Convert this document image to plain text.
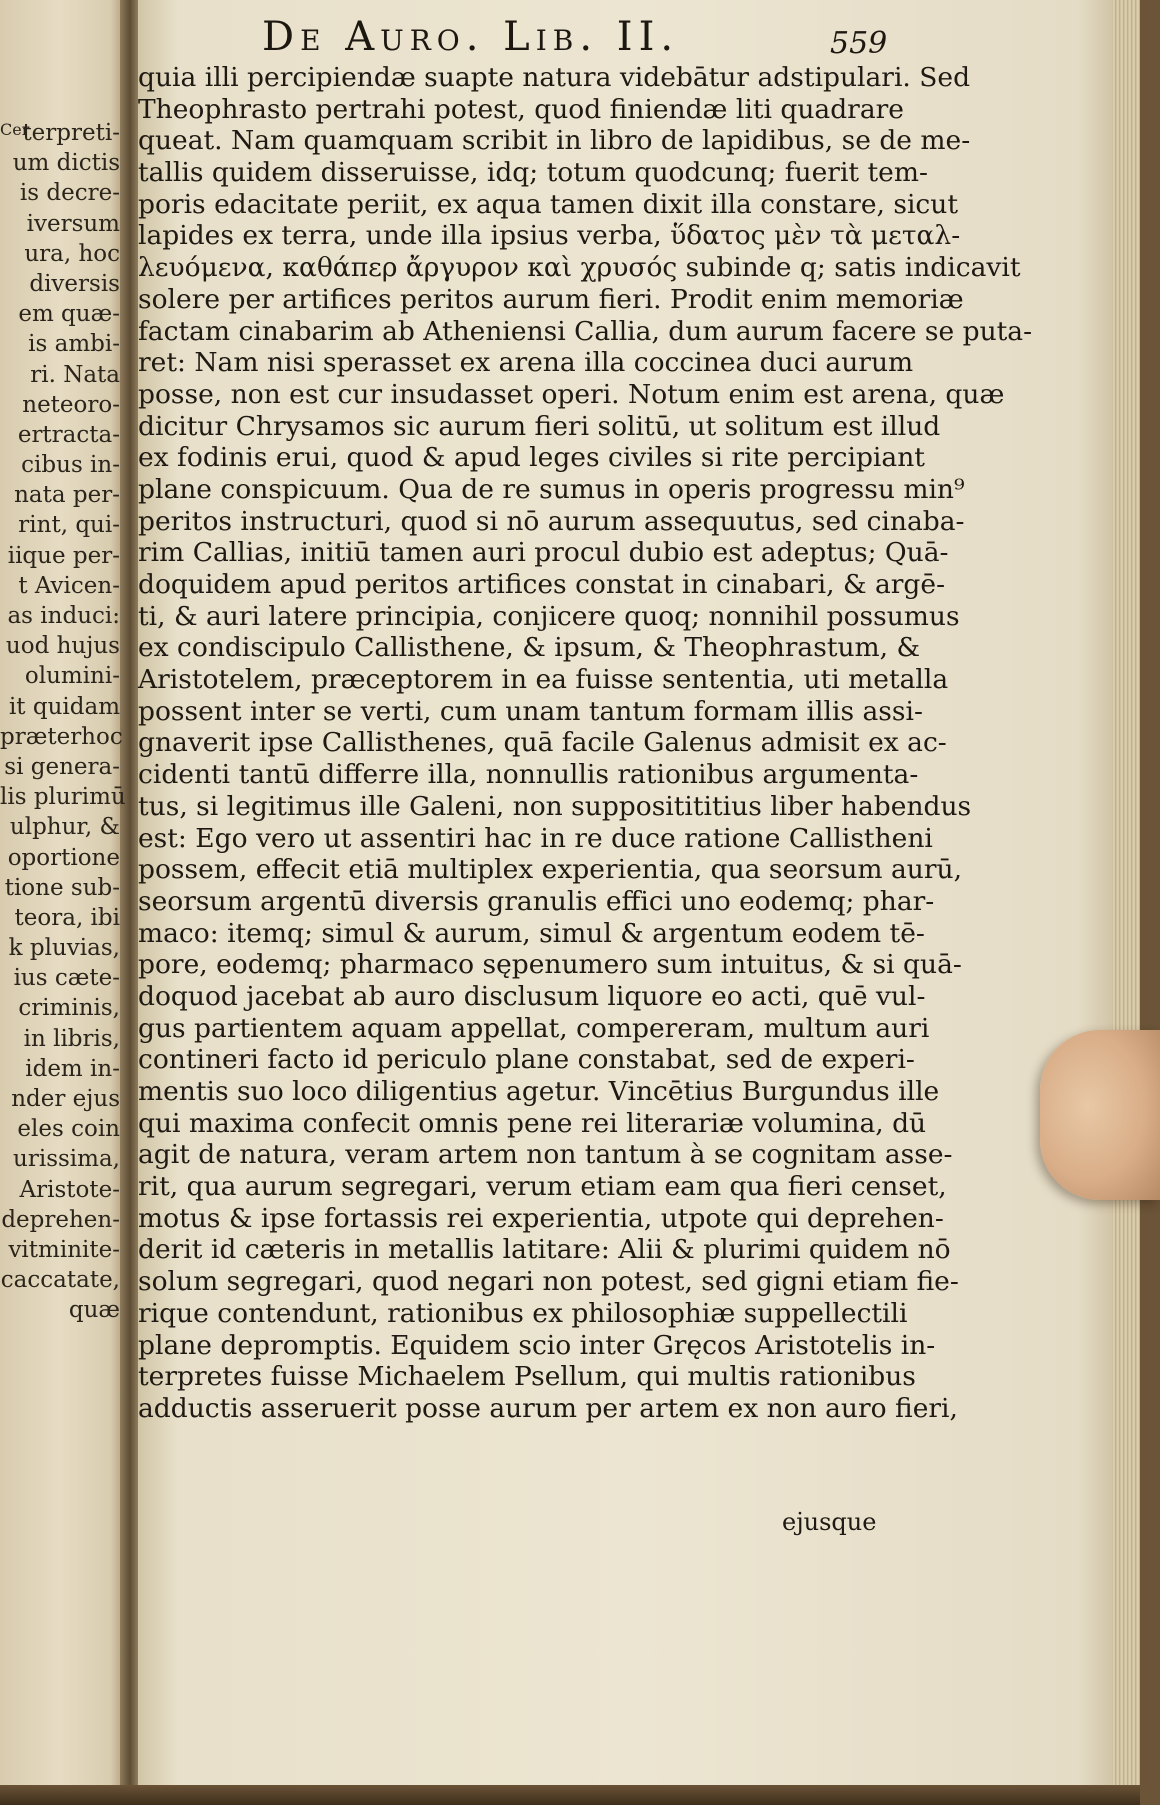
Cer
terpreti-
um dictis
is decre-
iversum
ura, hoc
diversis
em quæ-
is ambi-
ri. Nata
neteoro-
ertracta-
cibus in-
nata per-
rint, qui-
iique per-
t Avicen-
as induci:
uod hujus
olumini-
it quidam
præterhoc
si genera-
lis plurimū
ulphur, &
oportione
tione sub-
teora, ibi
k pluvias,
ius cæte-
criminis,
in libris,
idem in-
nder ejus
eles coin
urissima,
Aristote-
deprehen-
vitminite-
caccatate,
quæ
De Auro. Lib. II.	559
quia illi percipiendæ suapte natura videbātur adstipulari. Sed
Theophrasto pertrahi potest, quod finiendæ liti quadrare
queat. Nam quamquam scribit in libro de lapidibus, se de me-
tallis quidem disseruisse, idq; totum quodcunq; fuerit tem-
poris edacitate periit, ex aqua tamen dixit illa constare, sicut
lapides ex terra, unde illa ipsius verba, ὕδατος μὲν τὰ μεταλ-
λευόμενα, καθάπερ ἄργυρον καὶ χρυσός subinde q; satis indicavit
solere per artifices peritos aurum fieri. Prodit enim memoriæ
factam cinabarim ab Atheniensi Callia, dum aurum facere se puta-
ret: Nam nisi sperasset ex arena illa coccinea duci aurum
posse, non est cur insudasset operi. Notum enim est arena, quæ
dicitur Chrysamos sic aurum fieri solitū, ut solitum est illud
ex fodinis erui, quod & apud leges civiles si rite percipiant
plane conspicuum. Qua de re sumus in operis progressu min⁹
peritos instructuri, quod si nō aurum assequutus, sed cinaba-
rim Callias, initiū tamen auri procul dubio est adeptus; Quā-
doquidem apud peritos artifices constat in cinabari, & argē-
ti, & auri latere principia, conjicere quoq; nonnihil possumus
ex condiscipulo Callisthene, & ipsum, & Theophrastum, &
Aristotelem, præceptorem in ea fuisse sententia, uti metalla
possent inter se verti, cum unam tantum formam illis assi-
gnaverit ipse Callisthenes, quā facile Galenus admisit ex ac-
cidenti tantū differre illa, nonnullis rationibus argumenta-
tus, si legitimus ille Galeni, non suppositititius liber habendus
est: Ego vero ut assentiri hac in re duce ratione Callistheni
possem, effecit etiā multiplex experientia, qua seorsum aurū,
seorsum argentū diversis granulis effici uno eodemq; phar-
maco: itemq; simul & aurum, simul & argentum eodem tē-
pore, eodemq; pharmaco sępenumero sum intuitus, & si quā-
doquod jacebat ab auro disclusum liquore eo acti, quē vul-
gus partientem aquam appellat, compereram, multum auri
contineri facto id periculo plane constabat, sed de experi-
mentis suo loco diligentius agetur. Vincētius Burgundus ille
qui maxima confecit omnis pene rei literariæ volumina, dū
agit de natura, veram artem non tantum à se cognitam asse-
rit, qua aurum segregari, verum etiam eam qua fieri censet,
motus & ipse fortassis rei experientia, utpote qui deprehen-
derit id cæteris in metallis latitare: Alii & plurimi quidem nō
solum segregari, quod negari non potest, sed gigni etiam fie-
rique contendunt, rationibus ex philosophiæ suppellectili
plane depromptis. Equidem scio inter Gręcos Aristotelis in-
terpretes fuisse Michaelem Psellum, qui multis rationibus
adductis asseruerit posse aurum per artem ex non auro fieri,
ejusque
